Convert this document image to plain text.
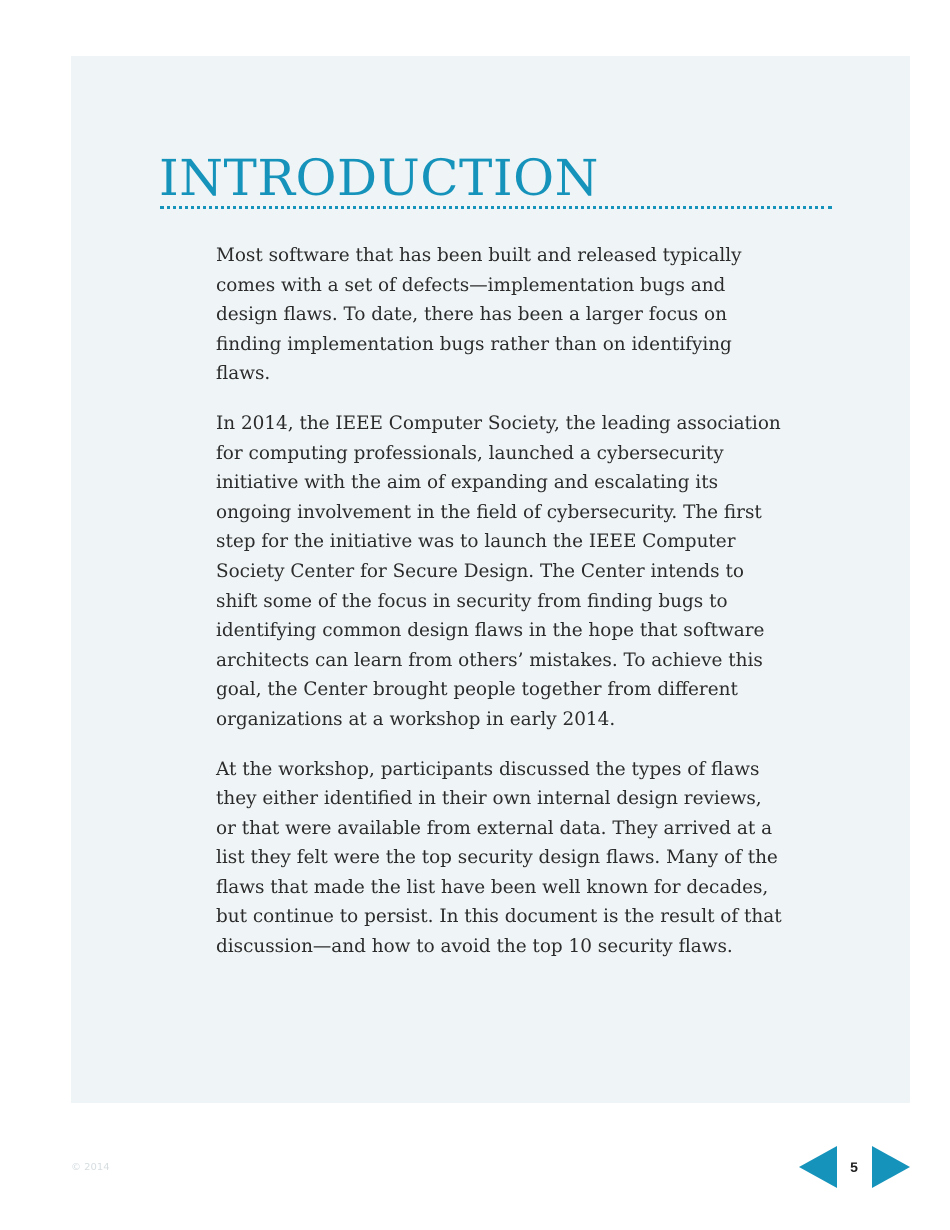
INTRODUCTION

Most software that has been built and released typically comes with a set of defects—implementation bugs and design flaws. To date, there has been a larger focus on finding implementation bugs rather than on identifying flaws.

In 2014, the IEEE Computer Society, the leading association for computing professionals, launched a cybersecurity initiative with the aim of expanding and escalating its ongoing involvement in the field of cybersecurity. The first step for the initiative was to launch the IEEE Computer Society Center for Secure Design. The Center intends to shift some of the focus in security from finding bugs to identifying common design flaws in the hope that software architects can learn from others’ mistakes. To achieve this goal, the Center brought people together from different organizations at a workshop in early 2014.

At the workshop, participants discussed the types of flaws they either identified in their own internal design reviews, or that were available from external data. They arrived at a list they felt were the top security design flaws. Many of the flaws that made the list have been well known for decades, but continue to persist. In this document is the result of that discussion—and how to avoid the top 10 security flaws.

© 2014	5
